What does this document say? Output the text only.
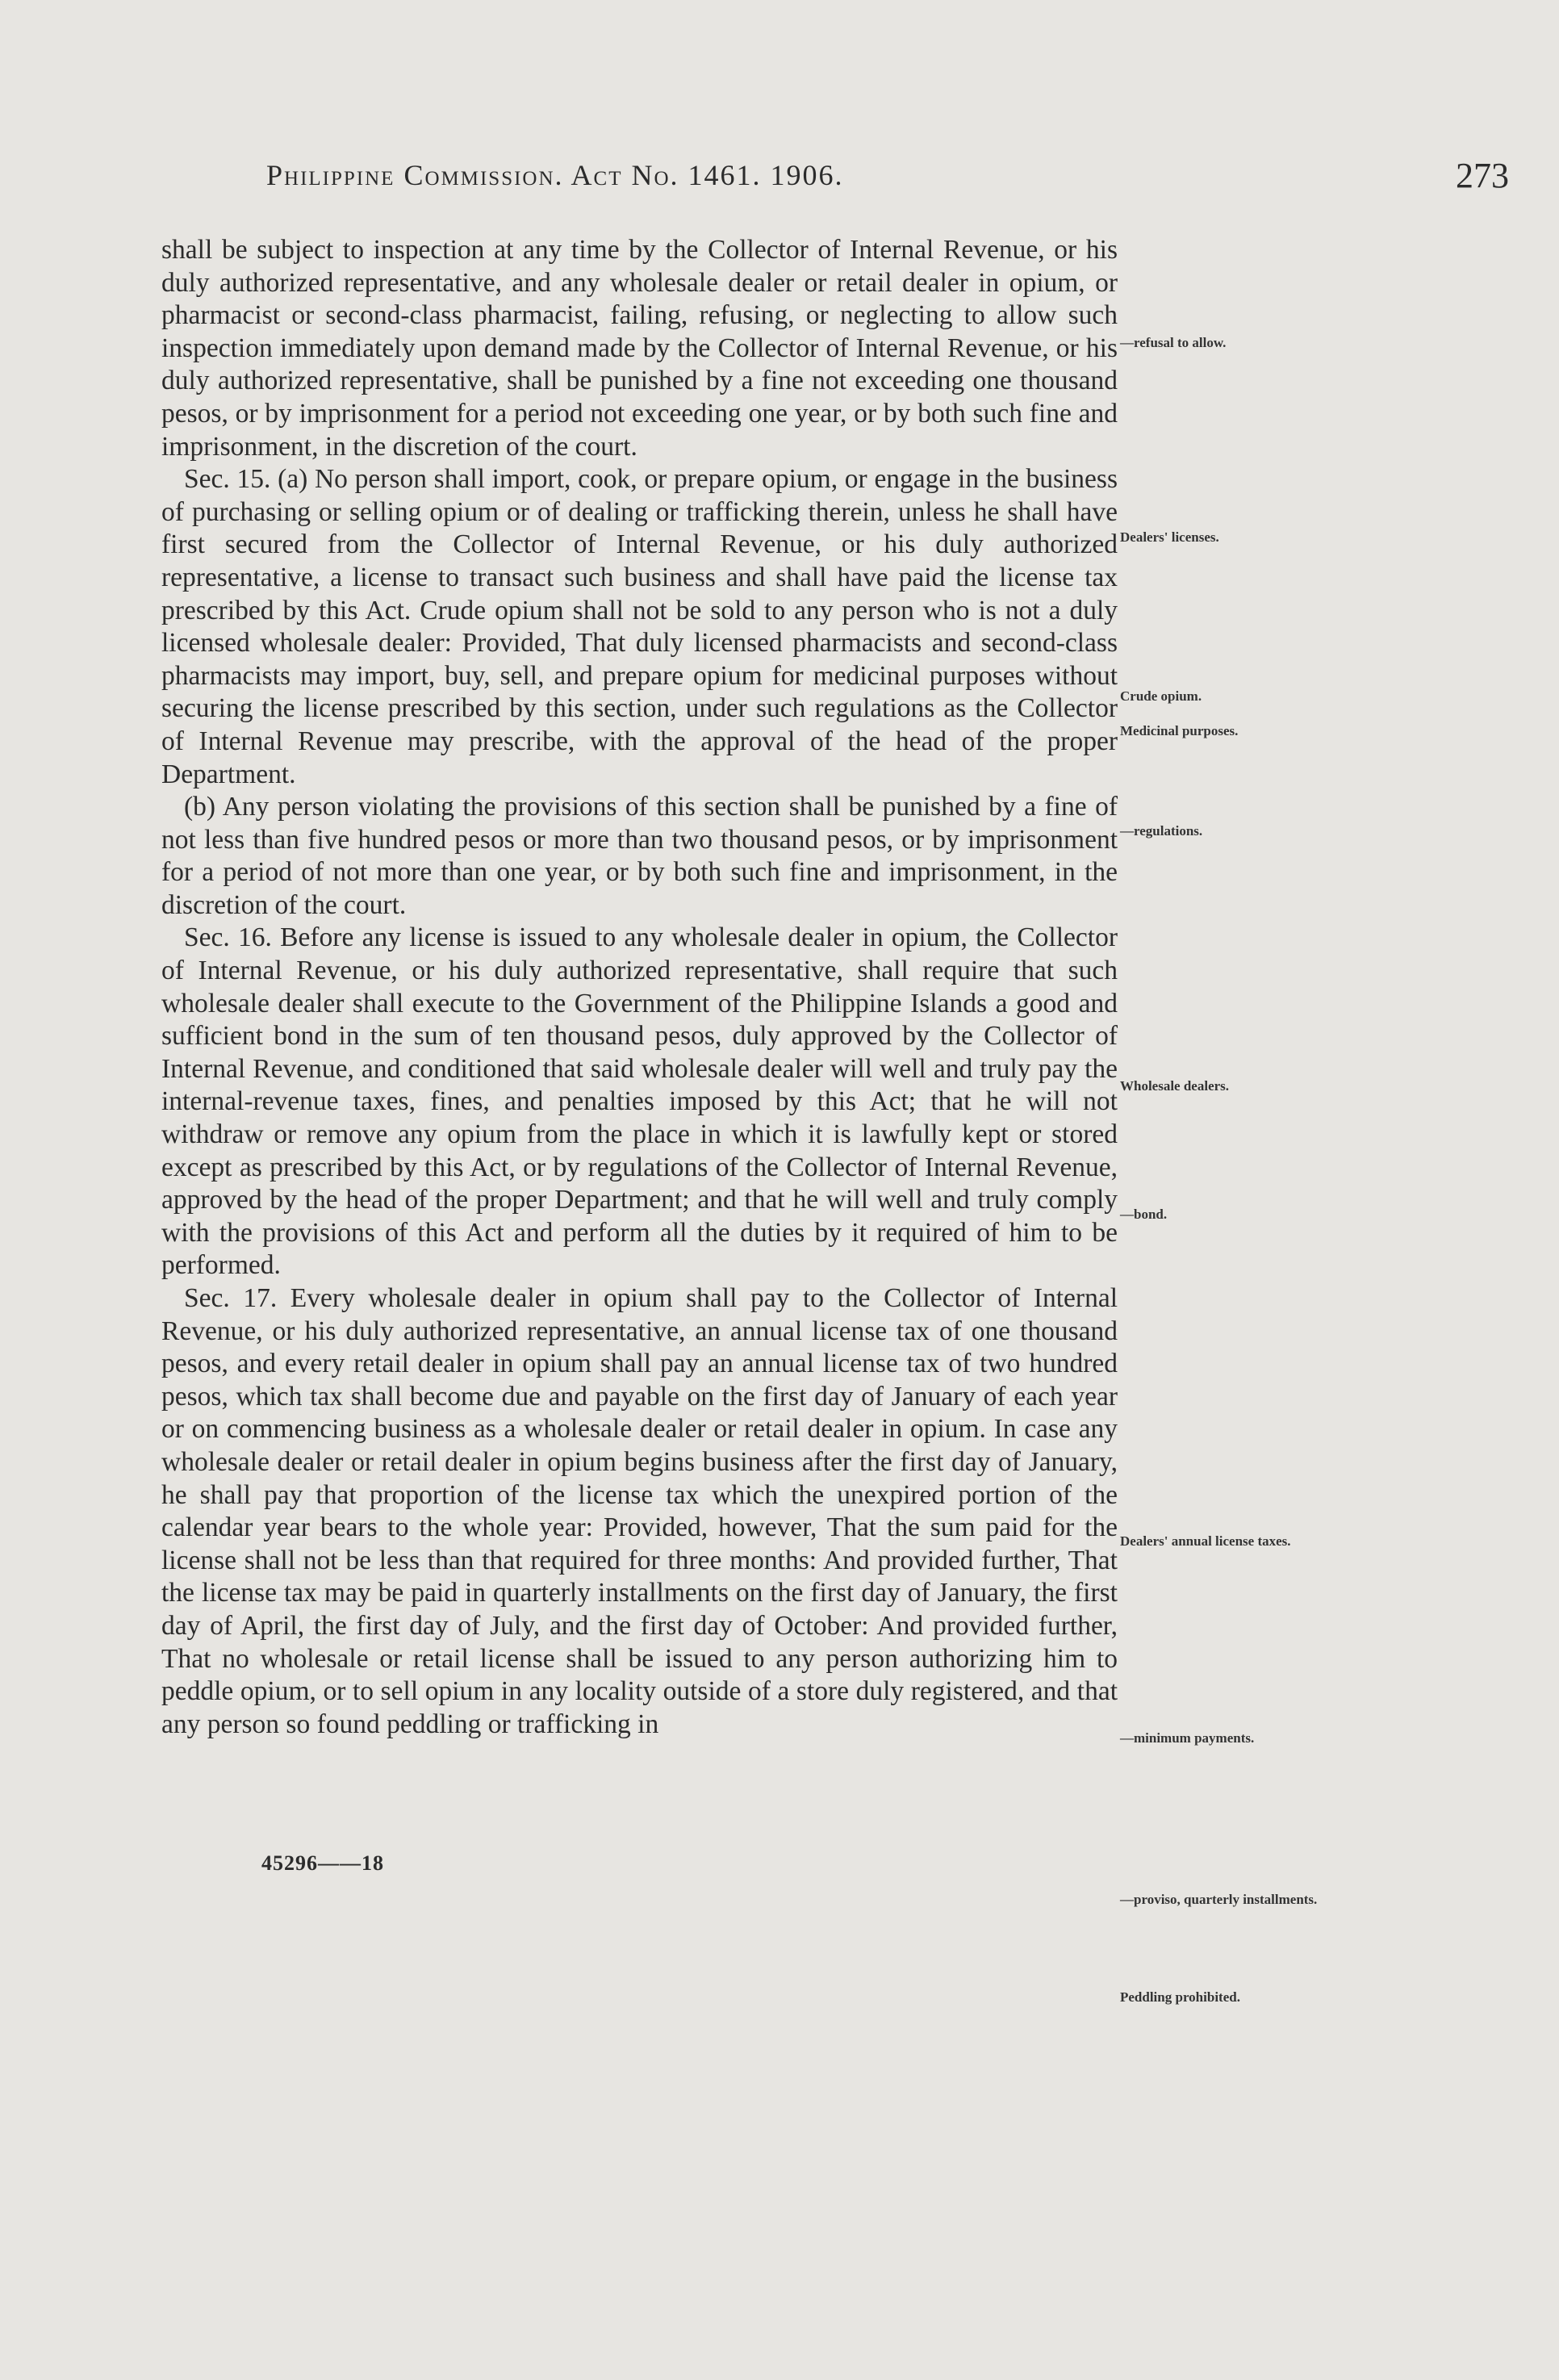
Philippine Commission. Act No. 1461. 1906.	273

shall be subject to inspection at any time by the Collector of Internal Revenue, or his duly authorized representative, and any wholesale dealer or retail dealer in opium, or pharmacist or second-class pharmacist, failing, refusing, or neglecting to allow such inspection immediately upon demand made by the Collector of Internal Revenue, or his duly authorized representative, shall be punished by a fine not exceeding one thousand pesos, or by imprisonment for a period not exceeding one year, or by both such fine and imprisonment, in the discretion of the court.

Sec. 15. (a) No person shall import, cook, or prepare opium, or engage in the business of purchasing or selling opium or of dealing or trafficking therein, unless he shall have first secured from the Collector of Internal Revenue, or his duly authorized representative, a license to transact such business and shall have paid the license tax prescribed by this Act. Crude opium shall not be sold to any person who is not a duly licensed wholesale dealer: Provided, That duly licensed pharmacists and second-class pharmacists may import, buy, sell, and prepare opium for medicinal purposes without securing the license prescribed by this section, under such regulations as the Collector of Internal Revenue may prescribe, with the approval of the head of the proper Department.

(b) Any person violating the provisions of this section shall be punished by a fine of not less than five hundred pesos or more than two thousand pesos, or by imprisonment for a period of not more than one year, or by both such fine and imprisonment, in the discretion of the court.

Sec. 16. Before any license is issued to any wholesale dealer in opium, the Collector of Internal Revenue, or his duly authorized representative, shall require that such wholesale dealer shall execute to the Government of the Philippine Islands a good and sufficient bond in the sum of ten thousand pesos, duly approved by the Collector of Internal Revenue, and conditioned that said wholesale dealer will well and truly pay the internal-revenue taxes, fines, and penalties imposed by this Act; that he will not withdraw or remove any opium from the place in which it is lawfully kept or stored except as prescribed by this Act, or by regulations of the Collector of Internal Revenue, approved by the head of the proper Department; and that he will well and truly comply with the provisions of this Act and perform all the duties by it required of him to be performed.

Sec. 17. Every wholesale dealer in opium shall pay to the Collector of Internal Revenue, or his duly authorized representative, an annual license tax of one thousand pesos, and every retail dealer in opium shall pay an annual license tax of two hundred pesos, which tax shall become due and payable on the first day of January of each year or on commencing business as a wholesale dealer or retail dealer in opium. In case any wholesale dealer or retail dealer in opium begins business after the first day of January, he shall pay that proportion of the license tax which the unexpired portion of the calendar year bears to the whole year: Provided, however, That the sum paid for the license shall not be less than that required for three months: And provided further, That the license tax may be paid in quarterly installments on the first day of January, the first day of April, the first day of July, and the first day of October: And provided further, That no wholesale or retail license shall be issued to any person authorizing him to peddle opium, or to sell opium in any locality outside of a store duly registered, and that any person so found peddling or trafficking in

—refusal to allow.
Dealers' licenses.
Crude opium.
Medicinal purposes.
—regulations.
Wholesale dealers.
—bond.
Dealers' annual license taxes.
—minimum payments.
—proviso, quarterly installments.
Peddling prohibited.
45296——18
